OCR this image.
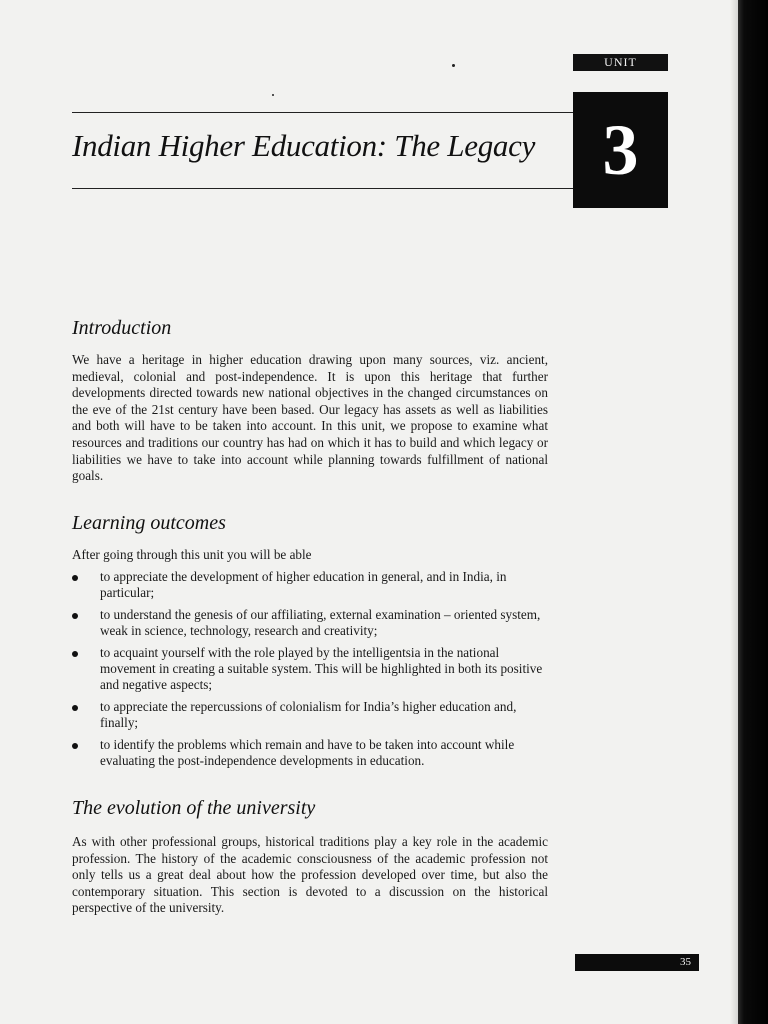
UNIT
3
Indian Higher Education: The Legacy
Introduction
We have a heritage in higher education drawing upon many sources, viz. ancient, medieval, colonial and post-independence. It is upon this heritage that further developments directed towards new national objectives in the changed circumstances on the eve of the 21st century have been based. Our legacy has assets as well as liabilities and both will have to be taken into account. In this unit, we propose to examine what resources and traditions our country has had on which it has to build and which legacy or liabilities we have to take into account while planning towards fulfillment of national goals.
Learning outcomes
After going through this unit you will be able
to appreciate the development of higher education in general, and in India, in particular;
to understand the genesis of our affiliating, external examination – oriented system, weak in science, technology, research and creativity;
to acquaint yourself with the role played by the intelligentsia in the national movement in creating a suitable system. This will be highlighted in both its positive and negative aspects;
to appreciate the repercussions of colonialism for India’s higher education and, finally;
to identify the problems which remain and have to be taken into account while evaluating the post-independence developments in education.
The evolution of the university
As with other professional groups, historical traditions play a key role in the academic profession. The history of the academic consciousness of the academic profession not only tells us a great deal about how the profession developed over time, but also the contemporary situation. This section is devoted to a discussion on the historical perspective of the university.
35
